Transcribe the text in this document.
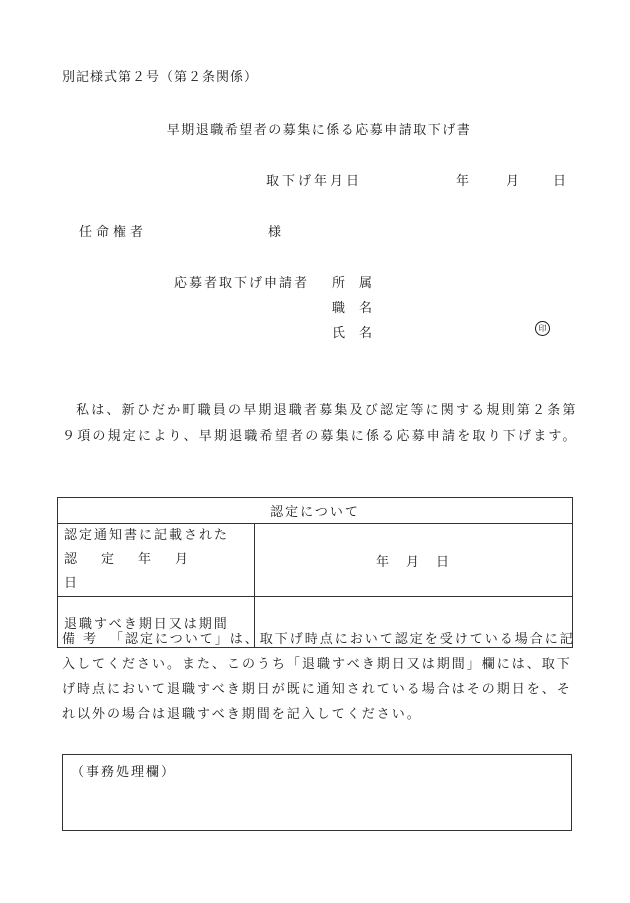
別記様式第２号（第２条関係）
早期退職希望者の募集に係る応募申請取下げ書
取下げ年月日	年	月	日
任命権者	様
応募者取下げ申請者 所属
職名
氏名	印
私は、新ひだか町職員の早期退職者募集及び認定等に関する規則第２条第９項の規定により、早期退職希望者の募集に係る応募申請を取り下げます。
認定について	

認定通知書に記載された
認定年月日	年　月　日
退職すべき期日又は期間	
備考 「認定について」は、取下げ時点において認定を受けている場合に記入してください。また、このうち「退職すべき期日又は期間」欄には、取下げ時点において退職すべき期日が既に通知されている場合はその期日を、それ以外の場合は退職すべき期間を記入してください。
（事務処理欄）
